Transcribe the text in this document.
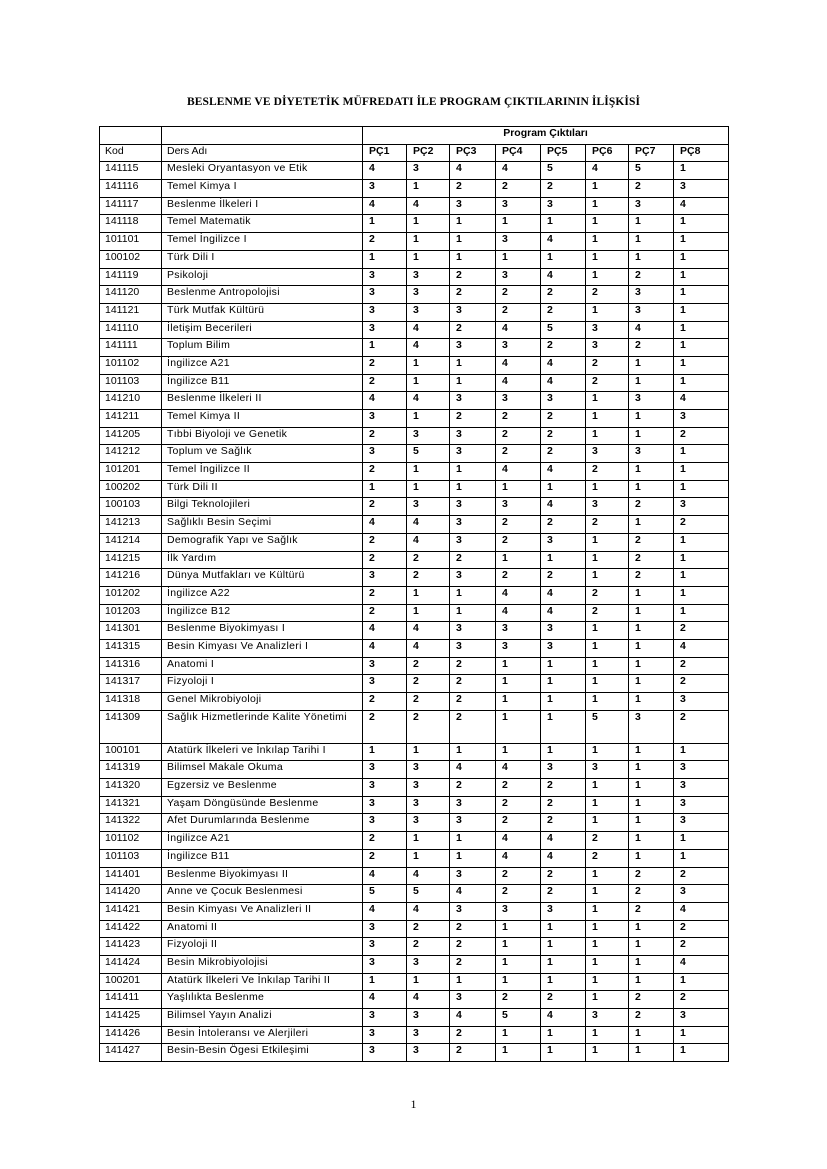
BESLENME VE DİYETETİK MÜFREDATI İLE PROGRAM ÇIKTILARININ İLİŞKİSİ
		Program Çıktıları							
Kod	Ders Adı	PÇ1	PÇ2	PÇ3	PÇ4	PÇ5	PÇ6	PÇ7	PÇ8
141115	Mesleki Oryantasyon ve Etik	4	3	4	4	5	4	5	1
141116	Temel Kimya I	3	1	2	2	2	1	2	3
141117	Beslenme İlkeleri I	4	4	3	3	3	1	3	4
141118	Temel Matematik	1	1	1	1	1	1	1	1
101101	Temel İngilizce I	2	1	1	3	4	1	1	1
100102	Türk Dili I	1	1	1	1	1	1	1	1
141119	Psikoloji	3	3	2	3	4	1	2	1
141120	Beslenme Antropolojisi	3	3	2	2	2	2	3	1
141121	Türk Mutfak Kültürü	3	3	3	2	2	1	3	1
141110	İletişim Becerileri	3	4	2	4	5	3	4	1
141111	Toplum Bilim	1	4	3	3	2	3	2	1
101102	İngilizce A21	2	1	1	4	4	2	1	1
101103	İngilizce B11	2	1	1	4	4	2	1	1
141210	Beslenme İlkeleri II	4	4	3	3	3	1	3	4
141211	Temel Kimya II	3	1	2	2	2	1	1	3
141205	Tıbbi Biyoloji ve Genetik	2	3	3	2	2	1	1	2
141212	Toplum ve Sağlık	3	5	3	2	2	3	3	1
101201	Temel İngilizce II	2	1	1	4	4	2	1	1
100202	Türk Dili II	1	1	1	1	1	1	1	1
100103	Bilgi Teknolojileri	2	3	3	3	4	3	2	3
141213	Sağlıklı Besin Seçimi	4	4	3	2	2	2	1	2
141214	Demografik Yapı ve Sağlık	2	4	3	2	3	1	2	1
141215	İlk Yardım	2	2	2	1	1	1	2	1
141216	Dünya Mutfakları ve Kültürü	3	2	3	2	2	1	2	1
101202	İngilizce A22	2	1	1	4	4	2	1	1
101203	İngilizce B12	2	1	1	4	4	2	1	1
141301	Beslenme Biyokimyası I	4	4	3	3	3	1	1	2
141315	Besin Kimyası Ve Analizleri I	4	4	3	3	3	1	1	4
141316	Anatomi I	3	2	2	1	1	1	1	2
141317	Fizyoloji I	3	2	2	1	1	1	1	2
141318	Genel Mikrobiyoloji	2	2	2	1	1	1	1	3
141309	Sağlık Hizmetlerinde Kalite Yönetimi	2	2	2	1	1	5	3	2
100101	Atatürk İlkeleri ve İnkılap Tarihi I	1	1	1	1	1	1	1	1
141319	Bilimsel Makale Okuma	3	3	4	4	3	3	1	3
141320	Egzersiz ve Beslenme	3	3	2	2	2	1	1	3
141321	Yaşam Döngüsünde Beslenme	3	3	3	2	2	1	1	3
141322	Afet Durumlarında Beslenme	3	3	3	2	2	1	1	3
101102	İngilizce A21	2	1	1	4	4	2	1	1
101103	İngilizce B11	2	1	1	4	4	2	1	1
141401	Beslenme Biyokimyası II	4	4	3	2	2	1	2	2
141420	Anne ve Çocuk Beslenmesi	5	5	4	2	2	1	2	3
141421	Besin Kimyası Ve Analizleri II	4	4	3	3	3	1	2	4
141422	Anatomi II	3	2	2	1	1	1	1	2
141423	Fizyoloji II	3	2	2	1	1	1	1	2
141424	Besin Mikrobiyolojisi	3	3	2	1	1	1	1	4
100201	Atatürk İlkeleri Ve İnkılap Tarihi II	1	1	1	1	1	1	1	1
141411	Yaşlılıkta Beslenme	4	4	3	2	2	1	2	2
141425	Bilimsel Yayın Analizi	3	3	4	5	4	3	2	3
141426	Besin İntoleransı ve Alerjileri	3	3	2	1	1	1	1	1
141427	Besin-Besin Ögesi Etkileşimi	3	3	2	1	1	1	1	1
1
